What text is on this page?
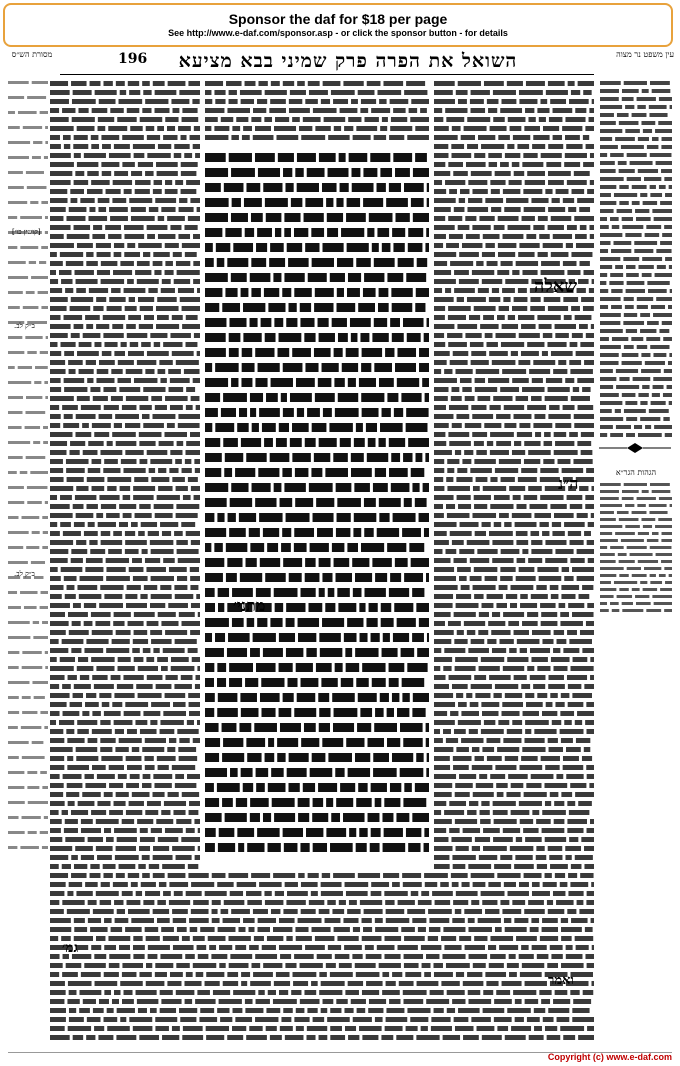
Sponsor the daf for $18 per page
See http://www.e-daf.com/sponsor.asp - or click the sponsor button - for details
מסורת הש״ס	196	השואל את הפרה פרק שמיני בבא מציעא	עין משפט נר מצוה
הגהות הגר״א
[קושין כו׳]
ב״ק לב.
ב״ק לב.
מתני׳
שאלה
ה״נ
גמ׳
ואמר
Copyright (c) www.e-daf.com
